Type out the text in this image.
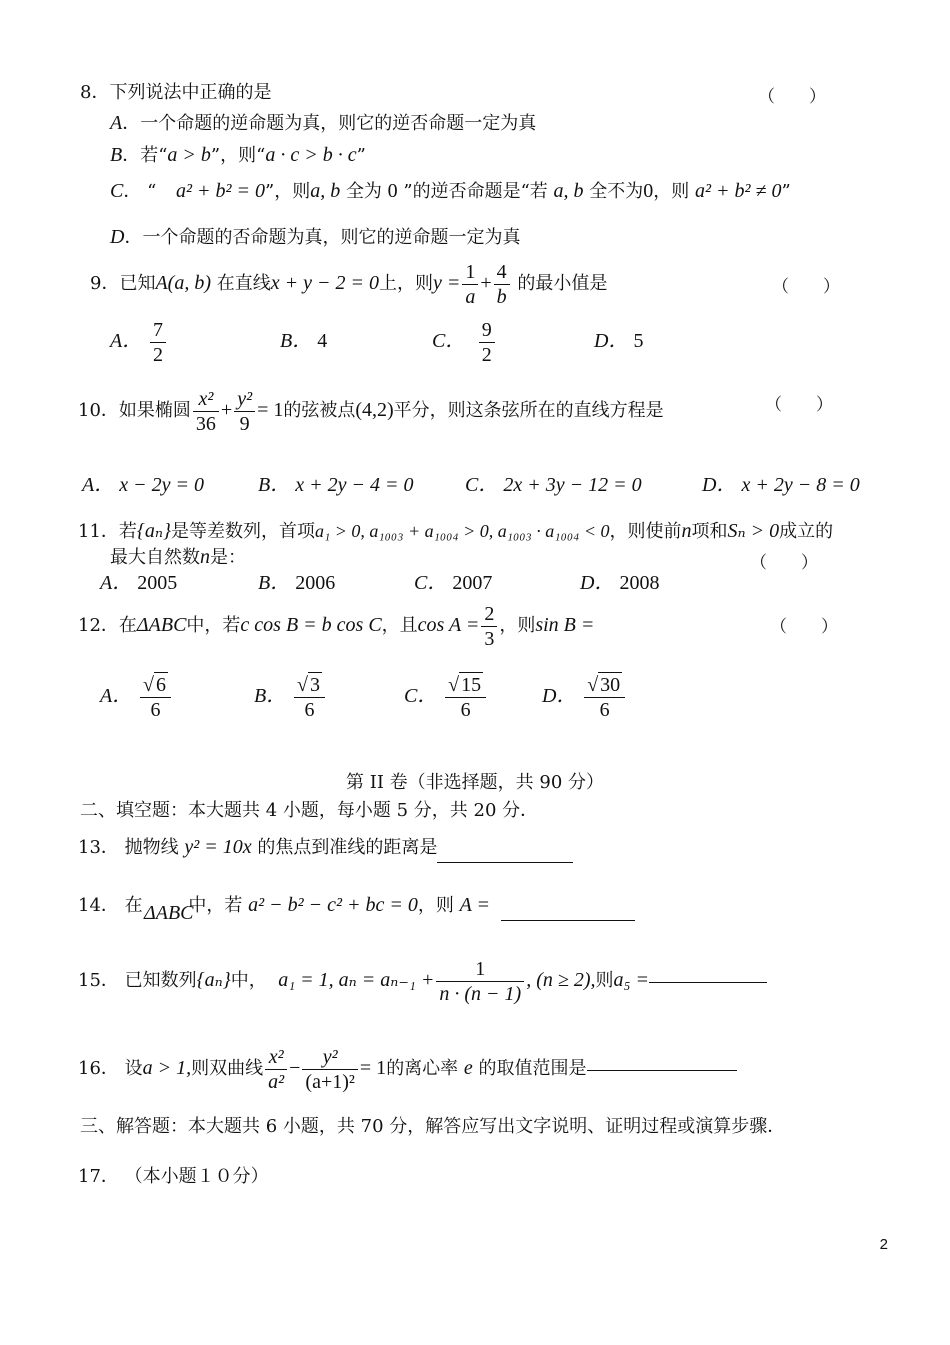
8．下列说法中正确的是	（　　）
A．一个命题的逆命题为真，则它的逆否命题一定为真
B．若“a > b”，则“a · c > b · c”
C． “ a² + b² = 0”，则a, b 全为 0 ”的逆否命题是“若 a, b 全不为0，则 a² + b² ≠ 0”
D．一个命题的否命题为真，则它的逆命题一定为真
9．已知A(a, b) 在直线x + y − 2 = 0上，则$y = \frac{1}{a} + \frac{4}{b}$ 的最小值是	（　　）
A． $\frac{7}{2}$	B． 4	C． $\frac{9}{2}$	D． 5
10．如果椭圆 $\frac{\text{x²}}{36} + \frac{\text{y²}}{9} = 1$的弦被点(4,2)平分，则这条弦所在的直线方程是	（　　）
A． x − 2y = 0	B． x + 2y − 4 = 0	C． 2x + 3y − 12 = 0	D． x + 2y − 8 = 0
11．若{aₙ}是等差数列，首项a₁ > 0, a₁₀₀₃ + a₁₀₀₄ > 0, a₁₀₀₃ · a₁₀₀₄ < 0，则使前n项和Sₙ > 0成立的
最大自然数n是：	（　　）
A． 2005	B． 2006	C． 2007	D． 2008
12．在ΔABC中，若c cos B = b cos C，且$\cos A = \frac{2}{3}$ ，则sin B =	（　　）
A． $\frac{√ 6}{6}$	B． $\frac{√ 3}{6}$	C． $\frac{√ 15}{6}$	D． $\frac{√ 30}{6}$
第 II 卷（非选择题，共 90 分）
二、填空题：本大题共 4 小题，每小题 5 分，共 20 分．
13． 抛物线 y² = 10x 的焦点到准线的距离是
14． 在	中，若 a² − b² − c² + bc = 0，则 A =
ΔABC
15． 已知数列{aₙ}中， a₁ = 1, $a_n = a_{n-1} + \frac{1}{n \cdot (n - 1)}$ , (n ≥ 2),则a₅ =
16． 设a > 1,则双曲线 $\frac{\text{x²}}{\text{a²}} - \frac{\text{y²}}{\text{(a+1)²}} = 1$的离心率 e 的取值范围是
三、解答题：本大题共 6 小题，共 70 分，解答应写出文字说明、证明过程或演算步骤．
17． （本小题１０分）
2
